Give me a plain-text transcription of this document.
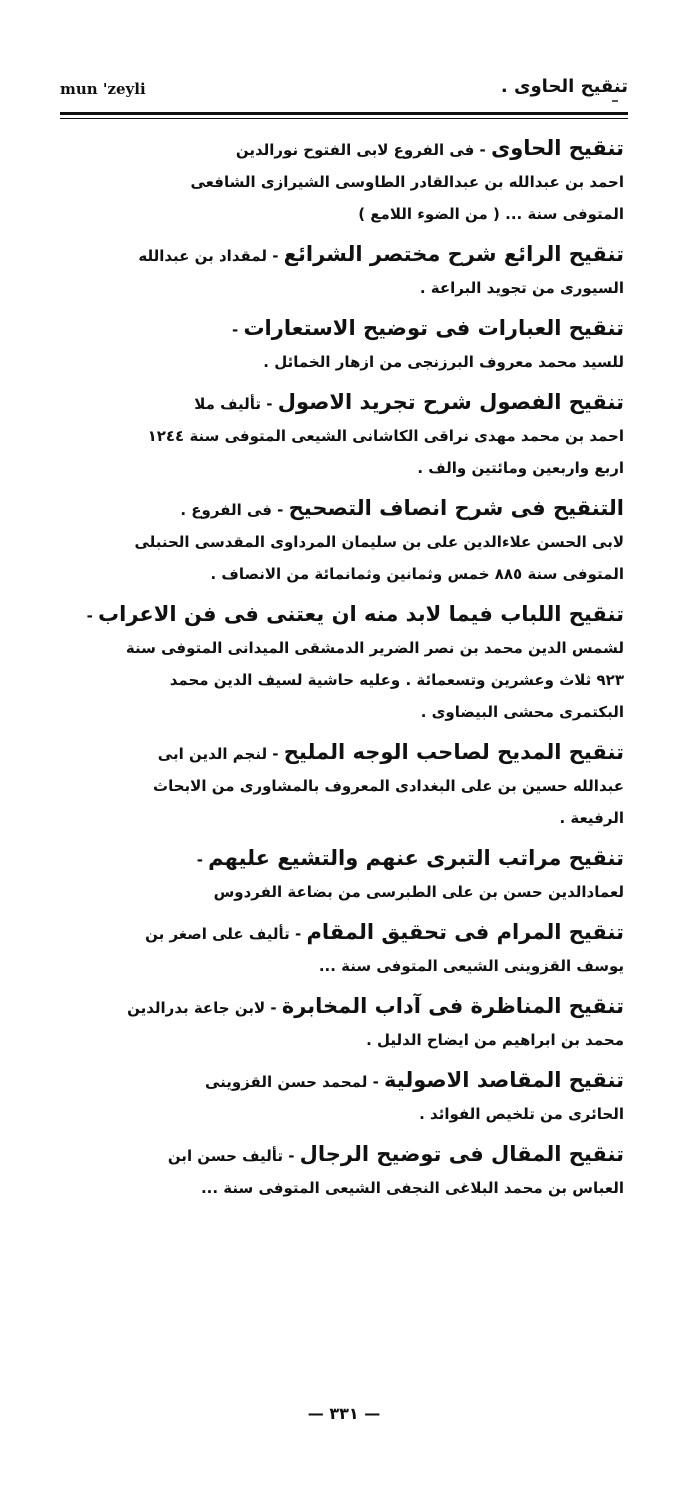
mun 'zeyli	تنقيح الحاوى .
تنقيح الحاوى - فى الفروع لابى الفتوح نورالدين
احمد بن عبدالله بن عبدالقادر الطاوسى الشيرازى الشافعى
المتوفى سنة ... ( من الضوء اللامع )
تنقيح الرائع شرح مختصر الشرائع - لمقداد بن عبدالله
السيورى من تجويد البراعة .
تنقيح العبارات فى توضيح الاستعارات -
للسيد محمد معروف البرزنجى من ازهار الخمائل .
تنقيح الفصول شرح تجريد الاصول - تأليف ملا
احمد بن محمد مهدى نراقى الكاشانى الشيعى المتوفى سنة ١٢٤٤
اربع واربعين ومائتين والف .
التنقيح فى شرح انصاف التصحيح - فى الفروع .
لابى الحسن علاءالدين على بن سليمان المرداوى المقدسى الحنبلى
المتوفى سنة ٨٨٥ خمس وثمانين وثمانمائة من الانصاف .
تنقيح اللباب فيما لابد منه ان يعتنى فى فن الاعراب -
لشمس الدين محمد بن نصر الضرير الدمشقى الميدانى المتوفى سنة
٩٢٣ ثلاث وعشرين وتسعمائة . وعليه حاشية لسيف الدين محمد
البكتمرى محشى البيضاوى .
تنقيح المديح لصاحب الوجه المليح - لنجم الدين ابى
عبدالله حسين بن على البغدادى المعروف بالمشاورى من الابحاث
الرفيعة .
تنقيح مراتب التبرى عنهم والتشيع عليهم -
لعمادالدين حسن بن على الطبرسى من بضاعة الفردوس
تنقيح المرام فى تحقيق المقام - تأليف على اصغر بن
يوسف القزوينى الشيعى المتوفى سنة ...
تنقيح المناظرة فى آداب المخابرة - لابن جاعة بدرالدين
محمد بن ابراهيم من ايضاح الدليل .
تنقيح المقاصد الاصولية - لمحمد حسن القزوينى
الحائرى من تلخيص الفوائد .
تنقيح المقال فى توضيح الرجال - تأليف حسن ابن
العباس بن محمد البلاغى النجفى الشيعى المتوفى سنة ...
— ٣٣١ —
